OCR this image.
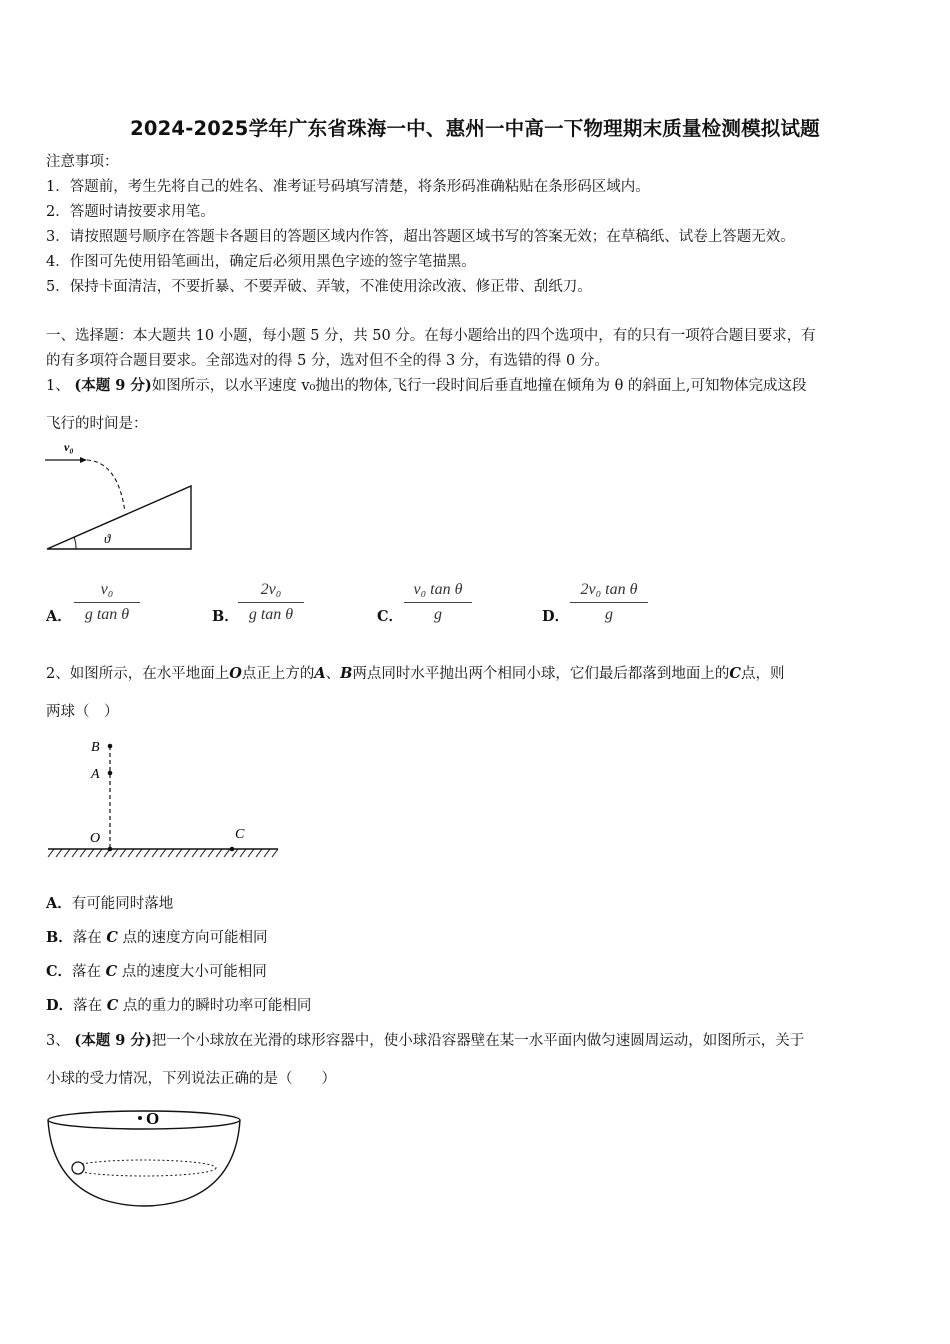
2024-2025学年广东省珠海一中、惠州一中高一下物理期末质量检测模拟试题
注意事项：
1．答题前，考生先将自己的姓名、准考证号码填写清楚，将条形码准确粘贴在条形码区域内。
2．答题时请按要求用笔。
3．请按照题号顺序在答题卡各题目的答题区域内作答，超出答题区域书写的答案无效；在草稿纸、试卷上答题无效。
4．作图可先使用铅笔画出，确定后必须用黑色字迹的签字笔描黑。
5．保持卡面清洁，不要折暴、不要弄破、弄皱，不准使用涂改液、修正带、刮纸刀。
一、选择题：本大题共 10 小题，每小题 5 分，共 50 分。在每小题给出的四个选项中，有的只有一项符合题目要求，有
的有多项符合题目要求。全部选对的得 5 分，选对但不全的得 3 分，有选错的得 0 分。
1、 (本题 9 分)如图所示，以水平速度 v₀抛出的物体,飞行一段时间后垂直地撞在倾角为 θ 的斜面上,可知物体完成这段
飞行的时间是：
v₀
ϑ
A． $\frac{\text{v₀}}{\text{g tan θ}}$	B． $\frac{\text{2v₀}}{\text{g tan θ}}$	C． $\frac{\text{v₀ tan θ}}{g}$	D． $\frac{\text{2v₀ tan θ}}{g}$
2、如图所示，在水平地面上O点正上方的A、B两点同时水平抛出两个相同小球，它们最后都落到地面上的C点，则
两球（　）
B
A
O	C
A．有可能同时落地
B．落在 C 点的速度方向可能相同
C．落在 C 点的速度大小可能相同
D．落在 C 点的重力的瞬时功率可能相同
3、 (本题 9 分)把一个小球放在光滑的球形容器中，使小球沿容器壁在某一水平面内做匀速圆周运动，如图所示，关于
小球的受力情况，下列说法正确的是（　　）
O
